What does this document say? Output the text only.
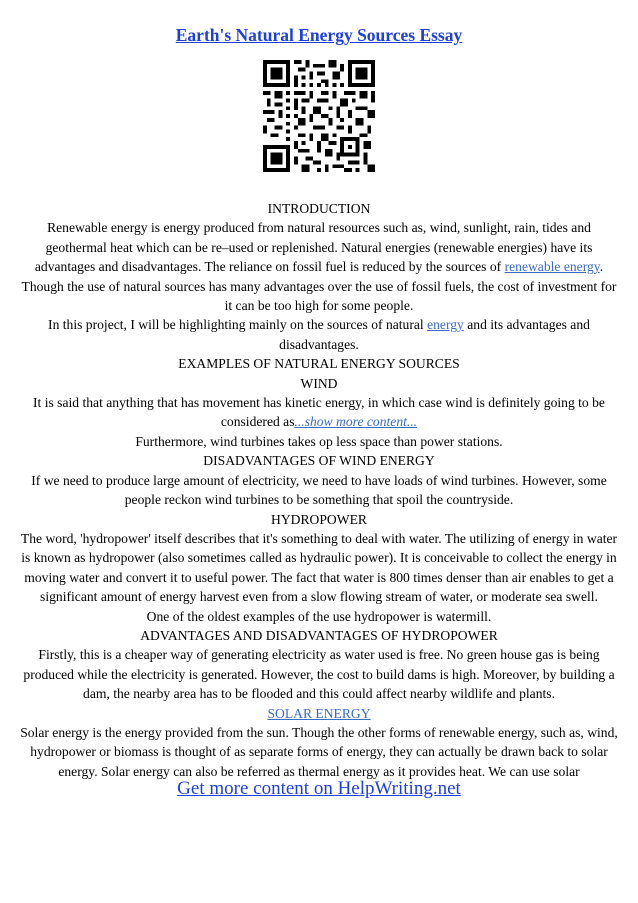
Earth's Natural Energy Sources Essay

INTRODUCTION

Renewable energy is energy produced from natural resources such as, wind, sunlight, rain, tides and geothermal heat which can be re–used or replenished. Natural energies (renewable energies) have its advantages and disadvantages. The reliance on fossil fuel is reduced by the sources of renewable energy. Though the use of natural sources has many advantages over the use of fossil fuels, the cost of investment for it can be too high for some people.

In this project, I will be highlighting mainly on the sources of natural energy and its advantages and disadvantages.

EXAMPLES OF NATURAL ENERGY SOURCES

WIND

It is said that anything that has movement has kinetic energy, in which case wind is definitely going to be considered as...show more content...

Furthermore, wind turbines takes op less space than power stations.

DISADVANTAGES OF WIND ENERGY

If we need to produce large amount of electricity, we need to have loads of wind turbines. However, some people reckon wind turbines to be something that spoil the countryside.

HYDROPOWER

The word, 'hydropower' itself describes that it's something to deal with water. The utilizing of energy in water is known as hydropower (also sometimes called as hydraulic power). It is conceivable to collect the energy in moving water and convert it to useful power. The fact that water is 800 times denser than air enables to get a significant amount of energy harvest even from a slow flowing stream of water, or moderate sea swell.

One of the oldest examples of the use hydropower is watermill.

ADVANTAGES AND DISADVANTAGES OF HYDROPOWER

Firstly, this is a cheaper way of generating electricity as water used is free. No green house gas is being produced while the electricity is generated. However, the cost to build dams is high. Moreover, by building a dam, the nearby area has to be flooded and this could affect nearby wildlife and plants.

SOLAR ENERGY

Solar energy is the energy provided from the sun. Though the other forms of renewable energy, such as, wind, hydropower or biomass is thought of as separate forms of energy, they can actually be drawn back to solar energy. Solar energy can also be referred as thermal energy as it provides heat. We can use solar

Get more content on HelpWriting.net
